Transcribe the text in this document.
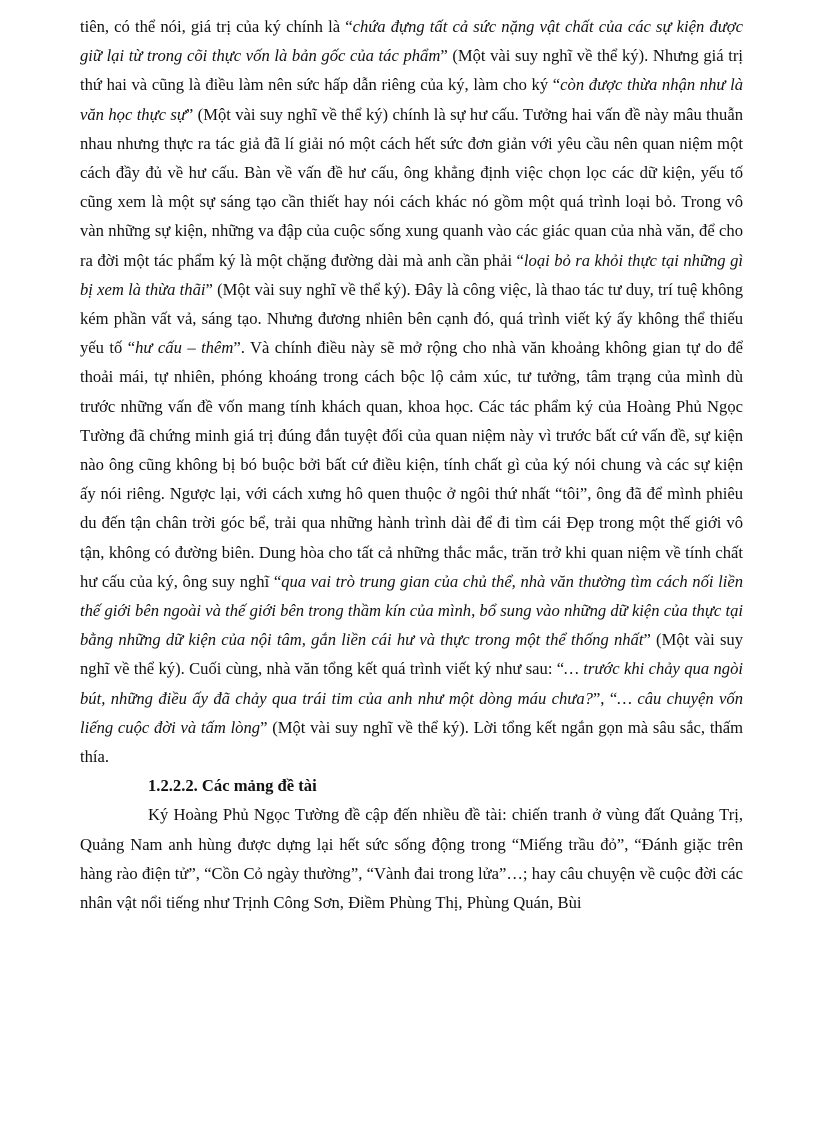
tiên, có thể nói, giá trị của ký chính là “chứa đựng tất cả sức nặng vật chất của các sự kiện được giữ lại từ trong cõi thực vốn là bản gốc của tác phẩm” (Một vài suy nghĩ về thể ký). Nhưng giá trị thứ hai và cũng là điều làm nên sức hấp dẫn riêng của ký, làm cho ký “còn được thừa nhận như là văn học thực sự” (Một vài suy nghĩ về thể ký) chính là sự hư cấu. Tưởng hai vấn đề này mâu thuẫn nhau nhưng thực ra tác giả đã lí giải nó một cách hết sức đơn giản với yêu cầu nên quan niệm một cách đầy đủ về hư cấu. Bàn về vấn đề hư cấu, ông khẳng định việc chọn lọc các dữ kiện, yếu tố cũng xem là một sự sáng tạo cần thiết hay nói cách khác nó gồm một quá trình loại bỏ. Trong vô vàn những sự kiện, những va đập của cuộc sống xung quanh vào các giác quan của nhà văn, để cho ra đời một tác phẩm ký là một chặng đường dài mà anh cần phải “loại bỏ ra khỏi thực tại những gì bị xem là thừa thãi” (Một vài suy nghĩ về thể ký). Đây là công việc, là thao tác tư duy, trí tuệ không kém phần vất vả, sáng tạo. Nhưng đương nhiên bên cạnh đó, quá trình viết ký ấy không thể thiếu yếu tố “hư cấu – thêm”. Và chính điều này sẽ mở rộng cho nhà văn khoảng không gian tự do để thoải mái, tự nhiên, phóng khoáng trong cách bộc lộ cảm xúc, tư tưởng, tâm trạng của mình dù trước những vấn đề vốn mang tính khách quan, khoa học. Các tác phẩm ký của Hoàng Phủ Ngọc Tường đã chứng minh giá trị đúng đắn tuyệt đối của quan niệm này vì trước bất cứ vấn đề, sự kiện nào ông cũng không bị bó buộc bởi bất cứ điều kiện, tính chất gì của ký nói chung và các sự kiện ấy nói riêng. Ngược lại, với cách xưng hô quen thuộc ở ngôi thứ nhất “tôi”, ông đã để mình phiêu du đến tận chân trời góc bể, trải qua những hành trình dài để đi tìm cái Đẹp trong một thế giới vô tận, không có đường biên. Dung hòa cho tất cả những thắc mắc, trăn trở khi quan niệm về tính chất hư cấu của ký, ông suy nghĩ “qua vai trò trung gian của chủ thể, nhà văn thường tìm cách nối liền thế giới bên ngoài và thế giới bên trong thầm kín của mình, bổ sung vào những dữ kiện của thực tại bằng những dữ kiện của nội tâm, gắn liền cái hư và thực trong một thể thống nhất” (Một vài suy nghĩ về thể ký). Cuối cùng, nhà văn tổng kết quá trình viết ký như sau: “… trước khi chảy qua ngòi bút, những điều ấy đã chảy qua trái tim của anh như một dòng máu chưa?”, “… câu chuyện vốn liếng cuộc đời và tấm lòng” (Một vài suy nghĩ về thể ký). Lời tổng kết ngắn gọn mà sâu sắc, thấm thía.

1.2.2.2. Các mảng đề tài

Ký Hoàng Phủ Ngọc Tường đề cập đến nhiều đề tài: chiến tranh ở vùng đất Quảng Trị, Quảng Nam anh hùng được dựng lại hết sức sống động trong “Miếng trầu đỏ”, “Đánh giặc trên hàng rào điện tử”, “Cồn Cỏ ngày thường”, “Vành đai trong lửa”…; hay câu chuyện về cuộc đời các nhân vật nổi tiếng như Trịnh Công Sơn, Điềm Phùng Thị, Phùng Quán, Bùi
